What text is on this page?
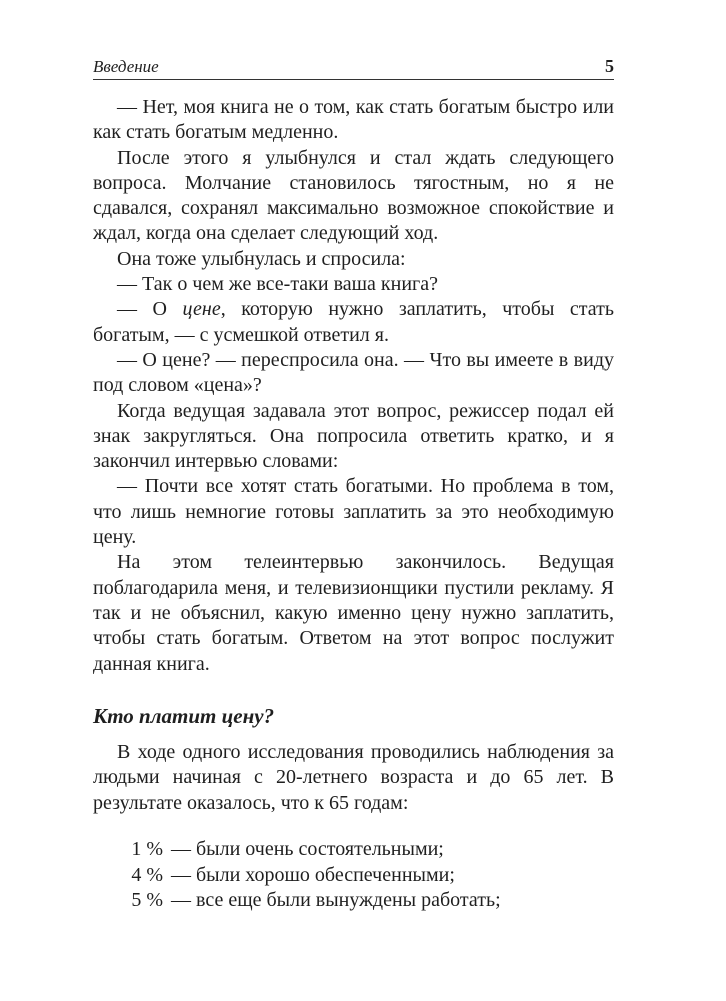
Введение	5

— Нет, моя книга не о том, как стать богатым быстро или как стать богатым медленно.

После этого я улыбнулся и стал ждать следующего вопроса. Молчание становилось тягостным, но я не сдавался, сохранял максимально возможное спокойствие и ждал, когда она сделает следующий ход.

Она тоже улыбнулась и спросила:

— Так о чем же все-таки ваша книга?

— О цене, которую нужно заплатить, чтобы стать богатым, — с усмешкой ответил я.

— О цене? — переспросила она. — Что вы имеете в виду под словом «цена»?

Когда ведущая задавала этот вопрос, режиссер подал ей знак закругляться. Она попросила ответить кратко, и я закончил интервью словами:

— Почти все хотят стать богатыми. Но проблема в том, что лишь немногие готовы заплатить за это необходимую цену.

На этом телеинтервью закончилось. Ведущая поблагодарила меня, и телевизионщики пустили рекламу. Я так и не объяснил, какую именно цену нужно заплатить, чтобы стать богатым. Ответом на этот вопрос послужит данная книга.

Кто платит цену?

В ходе одного исследования проводились наблюдения за людьми начиная с 20-летнего возраста и до 65 лет. В результате оказалось, что к 65 годам:

1 % — были очень состоятельными;
4 % — были хорошо обеспеченными;
5 % — все еще были вынуждены работать;
